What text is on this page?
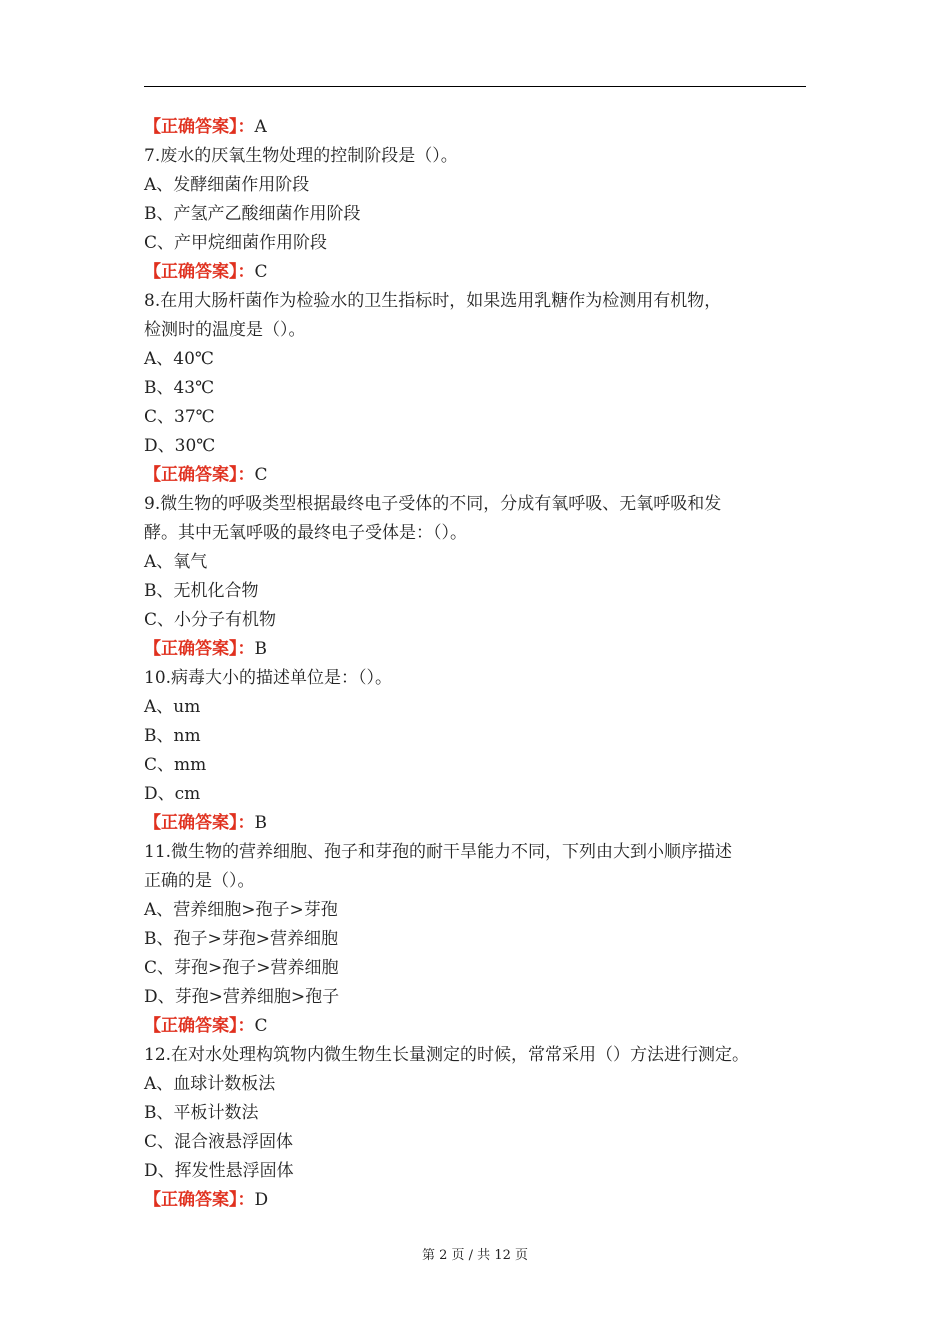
【正确答案】：A
7.废水的厌氧生物处理的控制阶段是（）。
A、发酵细菌作用阶段
B、产氢产乙酸细菌作用阶段
C、产甲烷细菌作用阶段
【正确答案】：C
8.在用大肠杆菌作为检验水的卫生指标时，如果选用乳糖作为检测用有机物，
检测时的温度是（）。
A、40℃
B、43℃
C、37℃
D、30℃
【正确答案】：C
9.微生物的呼吸类型根据最终电子受体的不同，分成有氧呼吸、无氧呼吸和发
酵。其中无氧呼吸的最终电子受体是：（）。
A、氧气
B、无机化合物
C、小分子有机物
【正确答案】：B
10.病毒大小的描述单位是：（）。
A、um
B、nm
C、mm
D、cm
【正确答案】：B
11.微生物的营养细胞、孢子和芽孢的耐干旱能力不同，下列由大到小顺序描述
正确的是（）。
A、营养细胞>孢子>芽孢
B、孢子>芽孢>营养细胞
C、芽孢>孢子>营养细胞
D、芽孢>营养细胞>孢子
【正确答案】：C
12.在对水处理构筑物内微生物生长量测定的时候，常常采用（）方法进行测定。
A、血球计数板法
B、平板计数法
C、混合液悬浮固体
D、挥发性悬浮固体
【正确答案】：D
第 2 页 / 共 12 页
